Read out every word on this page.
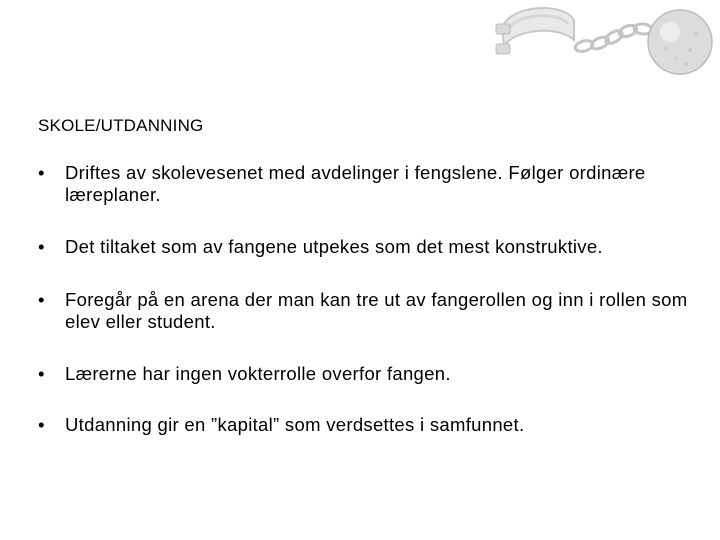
SKOLE/UTDANNING
• Driftes av skolevesenet med avdelinger i fengslene. Følger ordinære læreplaner.
• Det tiltaket som av fangene utpekes som det mest konstruktive.
• Foregår på en arena der man kan tre ut av fangerollen og inn i rollen som elev eller student.
• Lærerne har ingen vokterrolle overfor fangen.
• Utdanning gir en ”kapital” som verdsettes i samfunnet.
